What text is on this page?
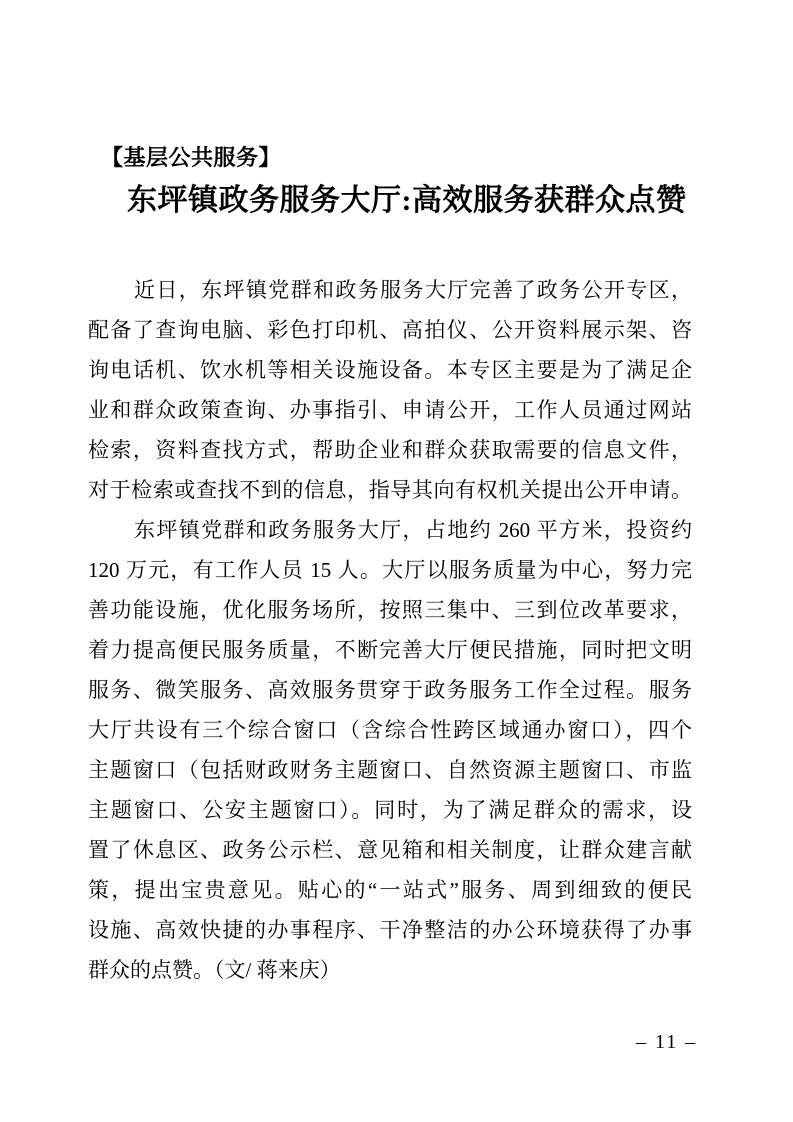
【基层公共服务】
东坪镇政务服务大厅:高效服务获群众点赞
近日，东坪镇党群和政务服务大厅完善了政务公开专区，
配备了查询电脑、彩色打印机、高拍仪、公开资料展示架、咨
询电话机、饮水机等相关设施设备。本专区主要是为了满足企
业和群众政策查询、办事指引、申请公开，工作人员通过网站
检索，资料查找方式，帮助企业和群众获取需要的信息文件，
对于检索或查找不到的信息，指导其向有权机关提出公开申请。
东坪镇党群和政务服务大厅，占地约 260 平方米，投资约
120 万元，有工作人员 15 人。大厅以服务质量为中心，努力完
善功能设施，优化服务场所，按照三集中、三到位改革要求，
着力提高便民服务质量，不断完善大厅便民措施，同时把文明
服务、微笑服务、高效服务贯穿于政务服务工作全过程。服务
大厅共设有三个综合窗口（含综合性跨区域通办窗口），四个
主题窗口（包括财政财务主题窗口、自然资源主题窗口、市监
主题窗口、公安主题窗口）。同时，为了满足群众的需求，设
置了休息区、政务公示栏、意见箱和相关制度，让群众建言献
策，提出宝贵意见。贴心的“一站式”服务、周到细致的便民
设施、高效快捷的办事程序、干净整洁的办公环境获得了办事
群众的点赞。（文/ 蒋来庆）
– 11 –
